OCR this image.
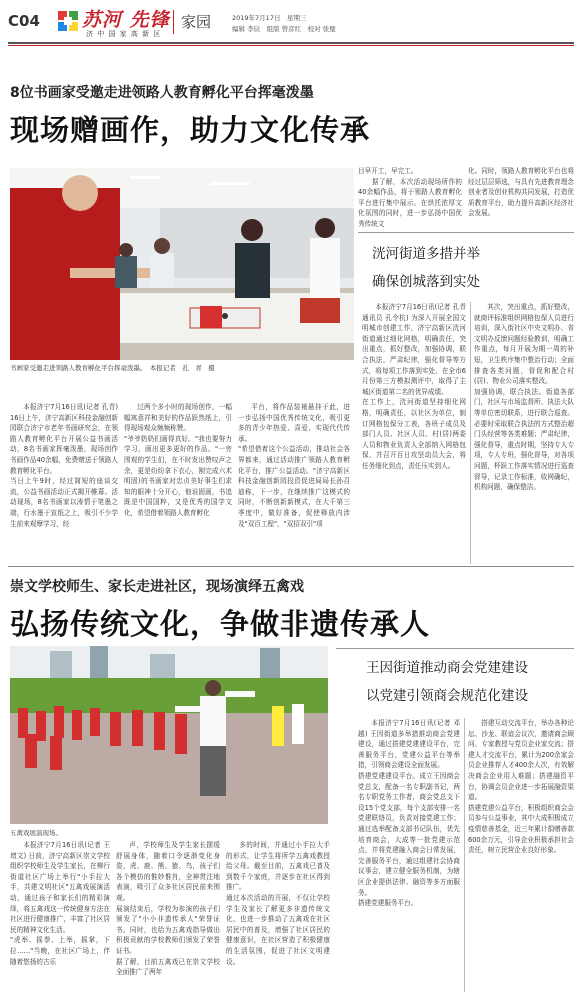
C04 苏河 先锋
济 中 国 家 高 新 区
家园	2019年7月17日　星期三
编辑 李辰　组版 曾彦红　校对 张璧
8位书画家受邀走进领路人教育孵化平台挥毫泼墨
现场赠画作，助力文化传承
书画家受邀走进领路人教育孵化平台挥毫泼墨。　本报记者　孔　青　摄

目早开工，早完工。
　　据了解，本次活动现场所作的40余幅作品，将于领路人教育孵化平台进行集中展示。在烘托浓厚文化氛围的同时，进一步弘扬中国优秀传统文

化。同时，领路人教育孵化平台也将经过层层筛选，与具有先进教育理念创业者及创业机构共同发展，打造优质教育平台，助力提升高新区经济社会发展。

本报济宁7月16日讯(记者 孔青) 16日上午，济宁高新区科技金融创新园联合济宁市老年书画研究会，在领路人教育孵化平台开展公益书画活动，8名书画家挥毫泼墨，现场创作书画作品40余幅，免费赠送于领路人教育孵化平台。
当日上午9时，经过简短的座谈交流，公益书画活动正式揭开帷幕。活动现场，8名书画家以涛情于笔墨之端，行水墨于宣纸之上，吸引不少学生前来观摩学习，经

过两个多小时的现场创作，一幅幅寓意祥和美好的作品跃然纸上，引得现场观众频频称赞。
"爷爷奶奶们画得真好。"我也要努力学习，画出更多更好的作品。"一旁围观的学生们，在不时发出赞叹声之余，更是纷纷拿下衣心，刚完成六术明固)的书画家对忠贞美好事生们求知的眼神十分开心，他说固画，书追既是中国国粹，又是优秀的国学文化，希望借着领路人教育孵化

平台，将作品装裱悬挂于此，进一步弘扬中国优秀传统文化，吸引更多的青少年热爱、喜爱、实现代代传承。
"希望借着这个公益活动，推动社会各界都来，通过活动推广领路人教育孵化平台，推广公益活动。"济宁高新区科技金融创新园投资促进局局长孙召迪称，下一步，在继续推广这模式的同时，不断创新新模式，在大千第三季度中，做好准备，促使释放内涉及"双百工程"，"双招双引"项

洸河街道多措并举
确保创城落到实处

本报济宁7月16日讯(记者 孔青 通讯员 孔令杭) 为深入开展全国文明城市创建工作，济宁高新区洸河街道通过细化网格，明确责任，突出重点，抓好整改，加强协调，联合执法，严肃纪律，强化督导等方式，将每项工作落到实处，在全市6月份第三方模拟测评中，取得了主城区街道第二名的优异成绩。
在工作上，洸河街道坚持细化网格，明确责任，以社区为单位，制订网格包保分工表，各班子成员及部门人员、社区人员、村(居)两委人员和物业负责人全部纳入网格包保，并召开百日攻坚动员大会，将任务细化到点，责任压实到人。

其次，突出重点，抓好整改，就商评标准组织网格包保人员进行培训，深入街社区中央文明办、省文明办反馈问题经验教训，明确工作重点，每月开展为期一周的补短，卫生秩序集中整治行动；全面排查各类问题，督促和配合村(居)、物业公司落实整改。
加强协调，联合执法。街道各部门，社区与市场监督所、执法大队等单位密切联系，进行联合巡查。必要时采取联合执法的方式整治超门头经营等各类难题；严肃纪律，强化督导，重点时期，坚持专人专项，专人专班，强化督导，对各项问题，杯跃工作落实情况进行巡查督导，记录工作标准，收网确纪，机构问题，确保整洁。

崇文学校师生、家长走进社区，现场演绎五禽戏
弘扬传统文化，争做非遗传承人
五禽戏展演现场。

本报济宁7月16日讯(记者 王增文) 日前，济宁高新区崇文学校组织学校师生及学生家长，在柳行街道社区广场上举行"小手拉大手，共建文明社区"五禽戏展演活动，通过孩子和家长们的精彩演绎，将五禽戏这一传统健身方法在社区进行健康推广，丰富了社区居民的精神文化生活。
"虎举、摇拳、上举，摇掌，下拉……"当晚，在社区广场上，伴随着悠扬的古乐

声，学校师生及学生家长摆缓舒展身体，随着口令逐渐变化身姿，虎、鹿、熊、猿、鸟，孩子们各个模仿的惟妙惟肖，全神贯注地表演，吸引了众多社区居民前来围观。
展演结束后，学校为参演的孩子们颁发了"小小非遗传承人"荣誉证书。同时，也给为五禽戏指导做出积极贡献的学校教师们颁发了荣誉证书。
据了解，目前五禽戏已在崇文学校全面推广了两年

多的时间，并通过小手拉大手的形式，让学生将所学五禽戏教授给父母。截至目前，五禽戏已普及到数千个家庭，并逐步在社区得到推广。
通过本次活动的开展，不仅让学校学生及家长了解更多非遗传统文化，也进一步推动了五禽戏在社区居民中的普及，增强了社区居民的健康意识，在社区营造了积极健康的生活氛围，促进了社区文明建设。

王因街道推动商会党建建设
以党建引领商会规范化建设

本报济宁7月16日讯(记者 邓越) 王因街道多举措推动商会党建建设，通过搭建党建建设平台，完善服务平台，党建公益平台等举措，引领商会建设全面发展。
搭建党建建设平台。成立王因商会党总支，配备一名专职副书记，两名专职党务工作者，商会党总支下设15个党支部，每个支部安排一名党建联络员，负责对接党建工作；通过选举配备支部书记队伍，优先培育商会，大成等一批党建示范点，并将党建融入商会日常发展，完善服务平台，通过组建社会协商议事会，建立健全服务机制，为辖区企业提供法律、融资等多方面服务。
搭建党建服务平台。

搭建互动交流平台，举办各种论坛、沙龙、联谊会议次，邀请商会顾问、专家教授与党员企业家交流；搭建人才交流平台，累计为200余家会员企业推荐人才400余人次，有效解决商会企业用人难题；搭建融资平台，协调会员企业进一步拓展融资渠道。
搭建党建公益平台，积极组织商会会员参与公益事业，其中大成积极成立疫情慈善基金，近三年累计捐赠善款600余万元，引导企业积极承担社会责任，树立民营企业良好形象。
